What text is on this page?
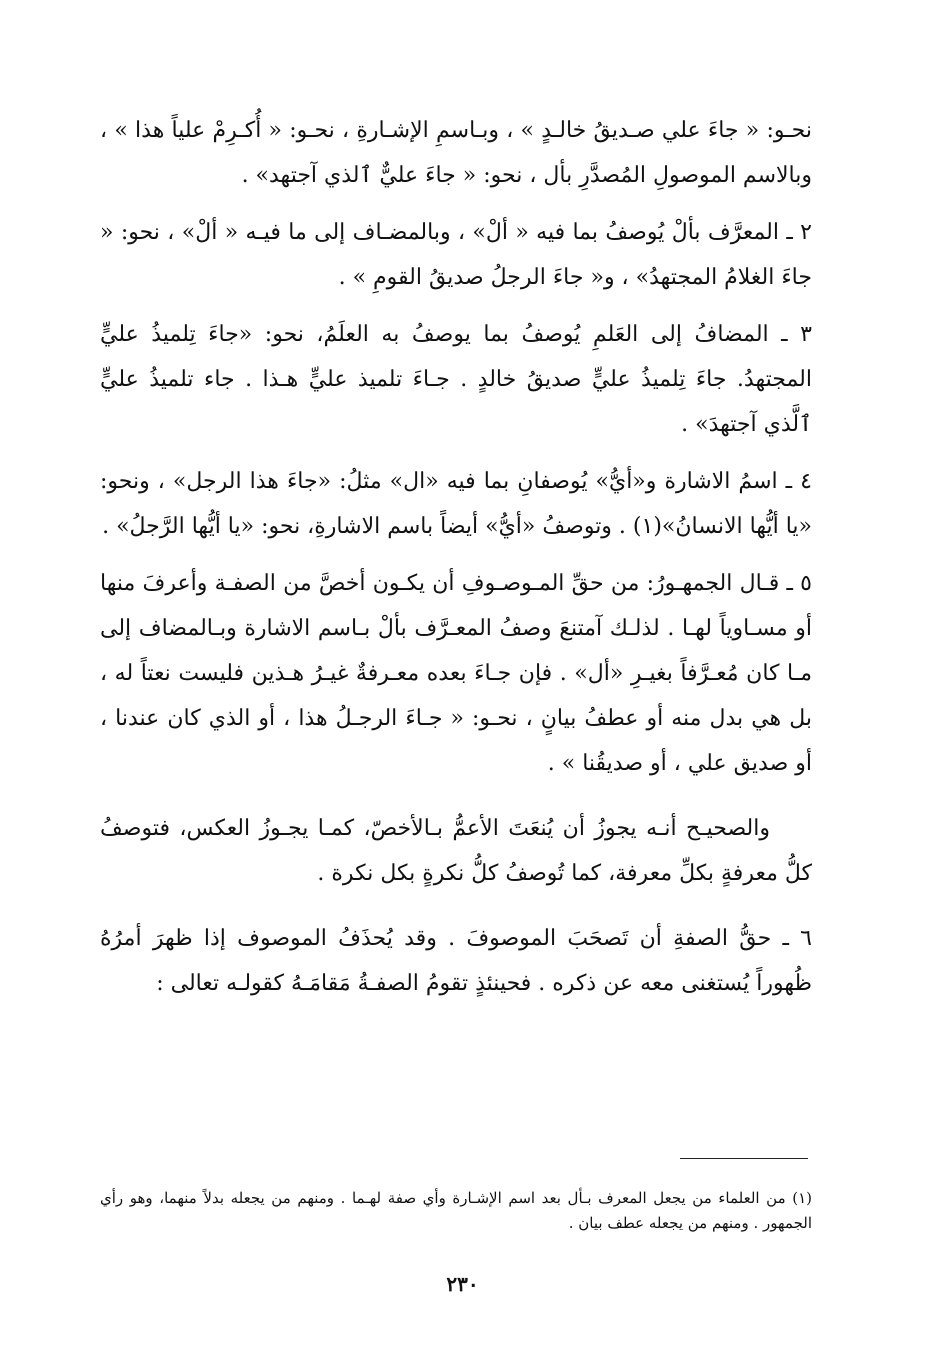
نحـو: « جاءَ علي صـديقُ خالـدٍ » ، وبـاسمِ الإشـارةِ ، نحـو: « أُكـرِمْ علياً هذا » ، وبالاسم الموصولِ المُصدَّرِ بأل ، نحو: « جاءَ عليٌّ ٱلذي آجتهد» .

٢ ـ المعرَّف بألْ يُوصفُ بما فيه « ألْ» ، وبالمضـاف إلى ما فيـه « ألْ» ، نحو: « جاءَ الغلامُ المجتهدُ» ، و« جاءَ الرجلُ صديقُ القومِ » .

٣ ـ المضافُ إلى العَلمِ يُوصفُ بما يوصفُ به العلَمُ، نحو: «جاءَ تِلميذُ عليٍّ المجتهدُ. جاءَ تِلميذُ عليٍّ صديقُ خالدٍ . جـاءَ تلميذ عليٍّ هـذا . جاء تلميذُ عليٍّ ٱلَّذي آجتهدَ» .

٤ ـ اسمُ الاشارة و«أيُّ» يُوصفانِ بما فيه «ال» مثلُ: «جاءَ هذا الرجل» ، ونحو: «يا أيُّها الانسانُ»(١) . وتوصفُ «أيُّ» أيضاً باسم الاشارةِ، نحو: «يا أيُّها الرَّجلُ» .

٥ ـ قـال الجمهـورُ: من حقِّ المـوصـوفِ أن يكـون أخصَّ من الصفـة وأعرفَ منها أو مسـاوياً لهـا . لذلـك آمتنعَ وصفُ المعـرَّف بألْ بـاسم الاشارة وبـالمضاف إلى مـا كان مُعـرَّفاً بغيـرِ «أل» . فإن جـاءَ بعده معـرفةٌ غيـرُ هـذين فليست نعتاً له ، بل هي بدل منه أو عطفُ بيانٍ ، نحـو: « جـاءَ الرجـلُ هذا ، أو الذي كان عندنا ، أو صديق علي ، أو صديقُنا » .

والصحيـح أنـه يجوزُ أن يُنعَتَ الأعمُّ بـالأخصّ، كمـا يجـوزُ العكس، فتوصفُ كلُّ معرفةٍ بكلِّ معرفة، كما تُوصفُ كلُّ نكرةٍ بكل نكرة .

٦ ـ حقُّ الصفةِ أن تَصحَبَ الموصوفَ . وقد يُحذَفُ الموصوف إذا ظهرَ أمرُهُ ظُهوراً يُستغنى معه عن ذكره . فحينئذٍ تقومُ الصفـةُ مَقامَـهُ كقولـه تعالى :

(١) من العلماء من يجعل المعرف بـأل بعد اسم الإشـارة وأي صفة لهـما . ومنهم من يجعله بدلاً منهما، وهو رأي الجمهور . ومنهم من يجعله عطف بيان .
٢٣٠
